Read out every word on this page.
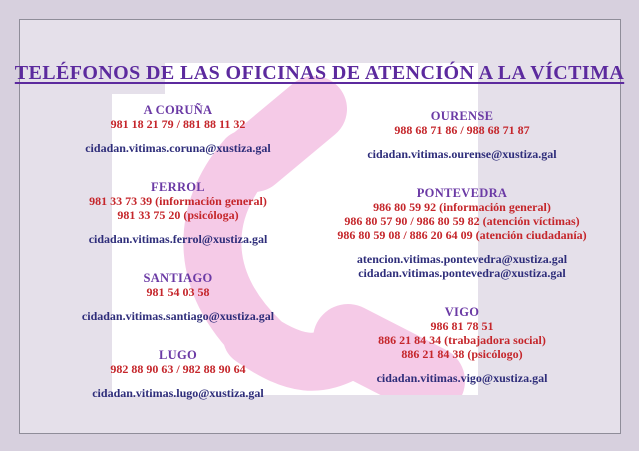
TELÉFONOS DE LAS OFICINAS DE ATENCIÓN A LA VÍCTIMA
A CORUÑA
981 18 21 79 / 881 88 11 32
cidadan.vitimas.coruna@xustiza.gal
FERROL
981 33 73 39 (información general)
981 33 75 20 (psicóloga)
cidadan.vitimas.ferrol@xustiza.gal
SANTIAGO
981 54 03 58
cidadan.vitimas.santiago@xustiza.gal
LUGO
982 88 90 63 / 982 88 90 64
cidadan.vitimas.lugo@xustiza.gal
OURENSE
988 68 71 86 / 988 68 71 87
cidadan.vitimas.ourense@xustiza.gal
PONTEVEDRA
986 80 59 92 (información general)
986 80 57 90 / 986 80 59 82 (atención víctimas)
986 80 59 08 / 886 20 64 09 (atención ciudadanía)
atencion.vitimas.pontevedra@xustiza.gal
cidadan.vitimas.pontevedra@xustiza.gal
VIGO
986 81 78 51
886 21 84 34 (trabajadora social)
886 21 84 38 (psicólogo)
cidadan.vitimas.vigo@xustiza.gal
